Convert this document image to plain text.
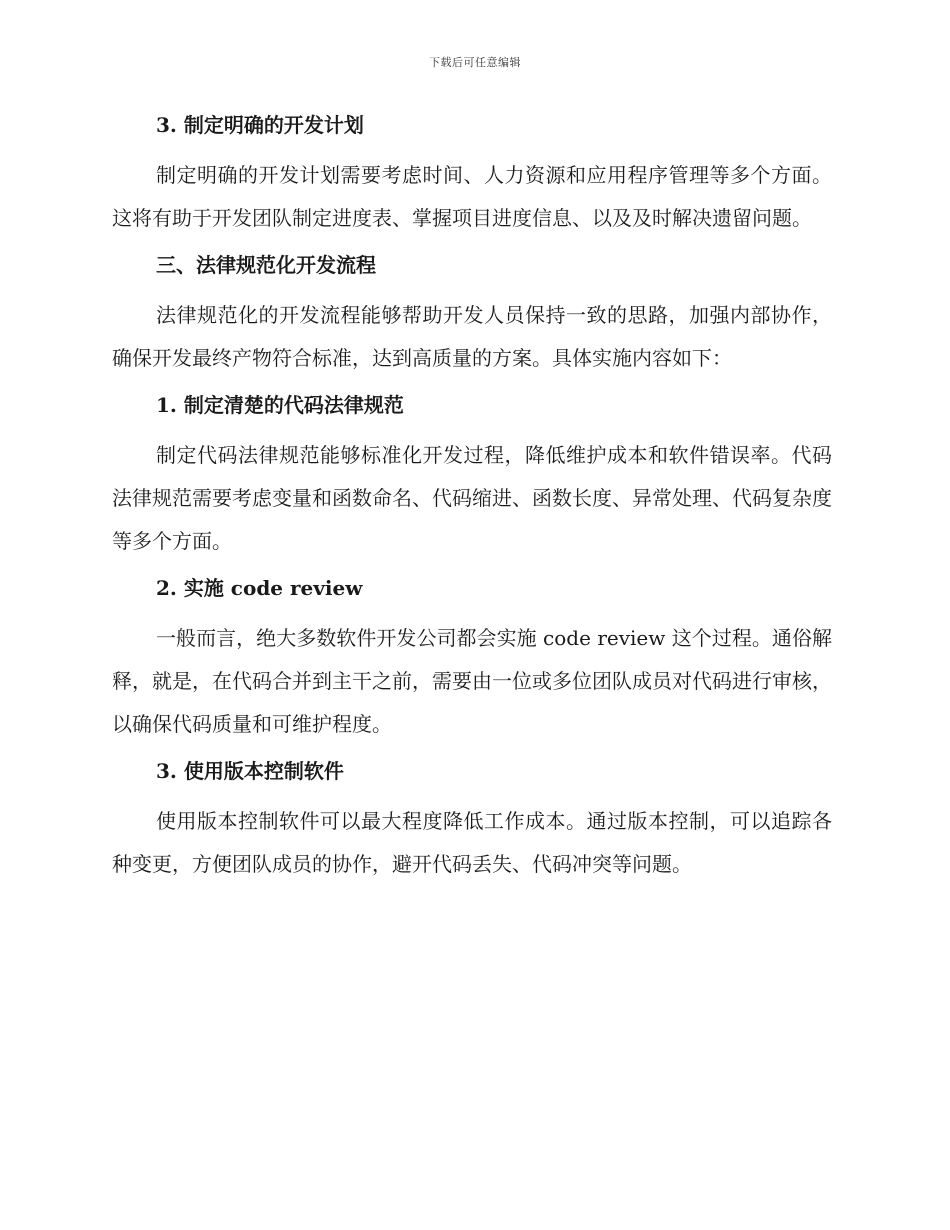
下载后可任意编辑
3. 制定明确的开发计划

制定明确的开发计划需要考虑时间、人力资源和应用程序管理等多个方面。这将有助于开发团队制定进度表、掌握项目进度信息、以及及时解决遗留问题。

三、法律规范化开发流程

法律规范化的开发流程能够帮助开发人员保持一致的思路，加强内部协作，确保开发最终产物符合标准，达到高质量的方案。具体实施内容如下：

1. 制定清楚的代码法律规范

制定代码法律规范能够标准化开发过程，降低维护成本和软件错误率。代码法律规范需要考虑变量和函数命名、代码缩进、函数长度、异常处理、代码复杂度等多个方面。

2. 实施 code review

一般而言，绝大多数软件开发公司都会实施 code review 这个过程。通俗解释，就是，在代码合并到主干之前，需要由一位或多位团队成员对代码进行审核，以确保代码质量和可维护程度。

3. 使用版本控制软件

使用版本控制软件可以最大程度降低工作成本。通过版本控制，可以追踪各种变更，方便团队成员的协作，避开代码丢失、代码冲突等问题。
